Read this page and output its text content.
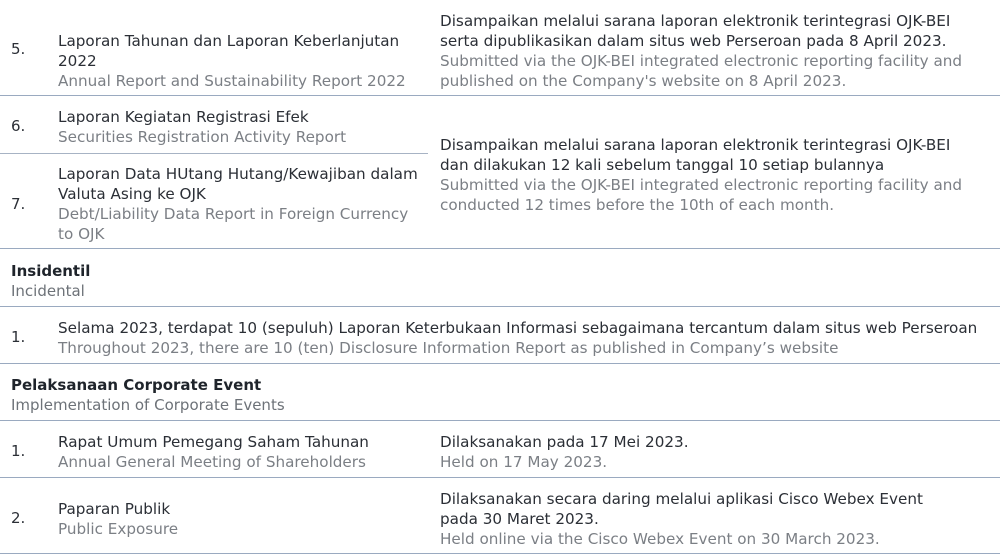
5. Laporan Tahunan dan Laporan Keberlanjutan 2022
Annual Report and Sustainability Report 2022
Disampaikan melalui sarana laporan elektronik terintegrasi OJK-BEI serta dipublikasikan dalam situs web Perseroan pada 8 April 2023.
Submitted via the OJK-BEI integrated electronic reporting facility and published on the Company's website on 8 April 2023.
6. Laporan Kegiatan Registrasi Efek
Securities Registration Activity Report
7.
Laporan Data HUtang Hutang/Kewajiban dalam Valuta Asing ke OJK
Debt/Liability Data Report in Foreign Currency to OJK
Disampaikan melalui sarana laporan elektronik terintegrasi OJK-BEI dan dilakukan 12 kali sebelum tanggal 10 setiap bulannya
Submitted via the OJK-BEI integrated electronic reporting facility and conducted 12 times before the 10th of each month.
Insidentil
Incidental
1. Selama 2023, terdapat 10 (sepuluh) Laporan Keterbukaan Informasi sebagaimana tercantum dalam situs web Perseroan
Throughout 2023, there are 10 (ten) Disclosure Information Report as published in Company’s website
Pelaksanaan Corporate Event
Implementation of Corporate Events
1. Rapat Umum Pemegang Saham Tahunan
Annual General Meeting of Shareholders
Dilaksanakan pada 17 Mei 2023.
Held on 17 May 2023.
2. Paparan Publik
Public Exposure
Dilaksanakan secara daring melalui aplikasi Cisco Webex Event pada 30 Maret 2023.
Held online via the Cisco Webex Event on 30 March 2023.
